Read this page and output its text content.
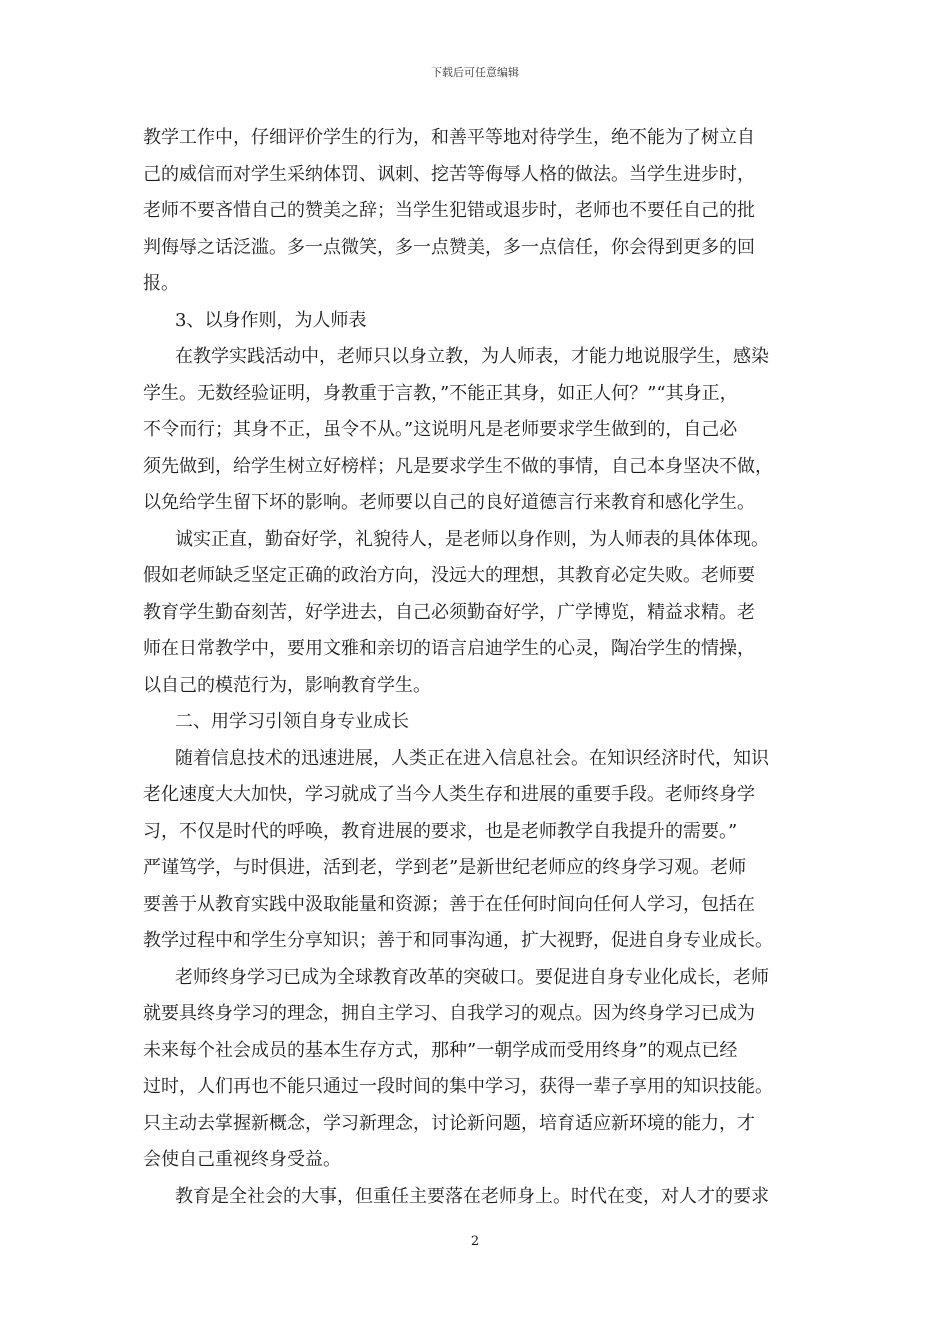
下载后可任意编辑

教学工作中，仔细评价学生的行为，和善平等地对待学生，绝不能为了树立自

己的威信而对学生采纳体罚、讽刺、挖苦等侮辱人格的做法。当学生进步时，

老师不要吝惜自己的赞美之辞；当学生犯错或退步时，老师也不要任自己的批

判侮辱之话泛滥。多一点微笑，多一点赞美，多一点信任，你会得到更多的回

报。

3、以身作则，为人师表

在教学实践活动中，老师只以身立教，为人师表，才能力地说服学生，感染

学生。无数经验证明，身教重于言教，”不能正其身，如正人何？”“其身正，

不令而行；其身不正，虽令不从。”这说明凡是老师要求学生做到的，自己必

须先做到，给学生树立好榜样；凡是要求学生不做的事情，自己本身坚决不做，

以免给学生留下坏的影响。老师要以自己的良好道德言行来教育和感化学生。

诚实正直，勤奋好学，礼貌待人，是老师以身作则，为人师表的具体体现。

假如老师缺乏坚定正确的政治方向，没远大的理想，其教育必定失败。老师要

教育学生勤奋刻苦，好学进去，自己必须勤奋好学，广学博览，精益求精。老

师在日常教学中，要用文雅和亲切的语言启迪学生的心灵，陶冶学生的情操，

以自己的模范行为，影响教育学生。

二、用学习引领自身专业成长

随着信息技术的迅速进展，人类正在进入信息社会。在知识经济时代，知识

老化速度大大加快，学习就成了当今人类生存和进展的重要手段。老师终身学

习，不仅是时代的呼唤，教育进展的要求，也是老师教学自我提升的需要。”

严谨笃学，与时俱进，活到老，学到老”是新世纪老师应的终身学习观。老师

要善于从教育实践中汲取能量和资源；善于在任何时间向任何人学习，包括在

教学过程中和学生分享知识；善于和同事沟通，扩大视野，促进自身专业成长。

老师终身学习已成为全球教育改革的突破口。要促进自身专业化成长，老师

就要具终身学习的理念，拥自主学习、自我学习的观点。因为终身学习已成为

未来每个社会成员的基本生存方式，那种”一朝学成而受用终身”的观点已经

过时，人们再也不能只通过一段时间的集中学习，获得一辈子享用的知识技能。

只主动去掌握新概念，学习新理念，讨论新问题，培育适应新环境的能力，才

会使自己重视终身受益。

教育是全社会的大事，但重任主要落在老师身上。时代在变，对人才的要求

2
